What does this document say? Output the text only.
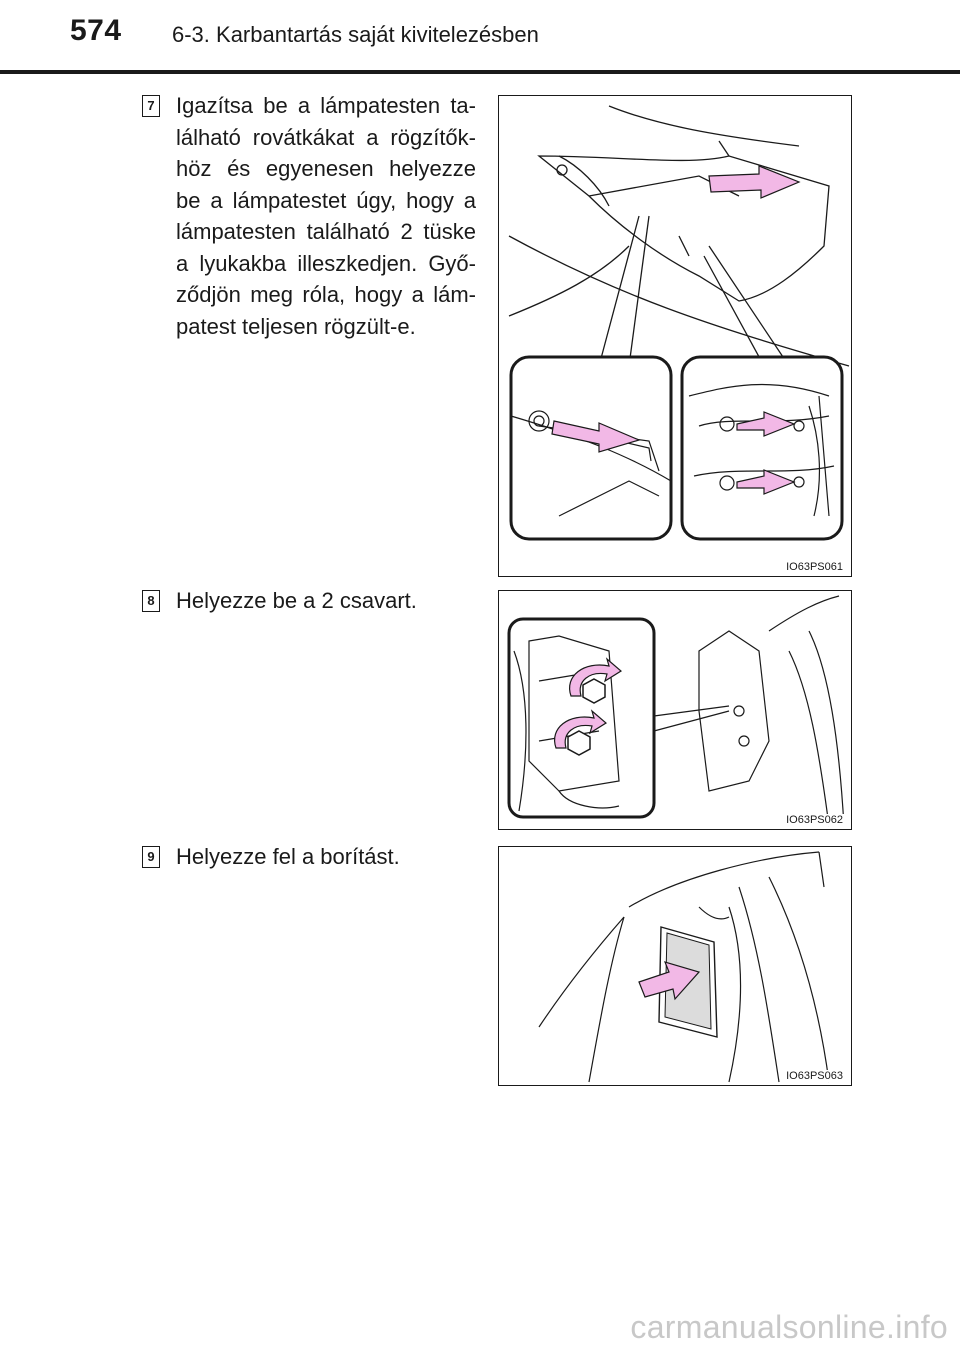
574 6-3. Karbantartás saját kivitelezésben
7 Igazítsa be a lámpatesten ta-lálható rovátkákat a rögzítők-höz és egyenesen helyezze be a lámpatestet úgy, hogy a lámpatesten található 2 tüske a lyukakba illeszkedjen. Győ-ződjön meg róla, hogy a lám-patest teljesen rögzült-e.
IO63PS061
8 Helyezze be a 2 csavart.
IO63PS062
9 Helyezze fel a borítást.
IO63PS063
carmanualsonline.info
